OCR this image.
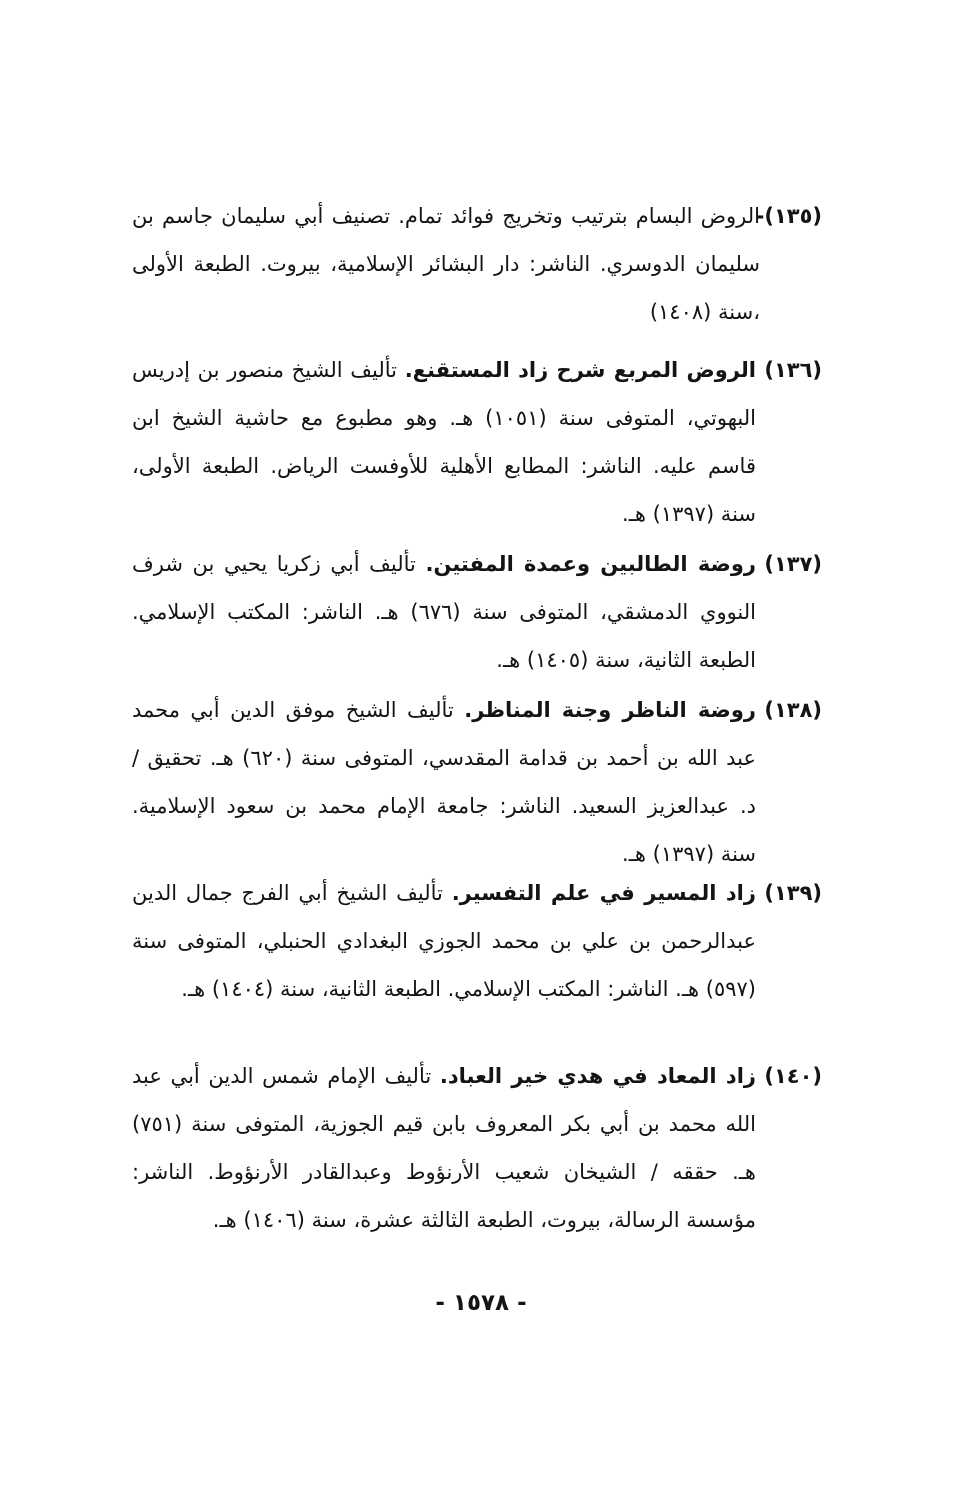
(١٣٥)-
الروض البسام بترتيب وتخريج فوائد تمام. تصنيف أبي سليمان جاسم بن سليمان الدوسري. الناشر: دار البشائر الإسلامية، بيروت. الطبعة الأولى ،سنة (١٤٠٨)
(١٣٦)
الروض المربع شرح زاد المستقنع. تأليف الشيخ منصور بن إدريس البهوتي، المتوفى سنة (١٠٥١) هـ. وهو مطبوع مع حاشية الشيخ ابن قاسم عليه. الناشر: المطابع الأهلية للأوفست الرياض. الطبعة الأولى، سنة (١٣٩٧) هـ.
(١٣٧)
روضة الطالبين وعمدة المفتين. تأليف أبي زكريا يحيي بن شرف النووي الدمشقي، المتوفى سنة (٦٧٦) هـ. الناشر: المكتب الإسلامي. الطبعة الثانية، سنة (١٤٠٥) هـ.
(١٣٨)
روضة الناظر وجنة المناظر. تأليف الشيخ موفق الدين أبي محمد عبد الله بن أحمد بن قدامة المقدسي، المتوفى سنة (٦٢٠) هـ. تحقيق / د. عبدالعزيز السعيد. الناشر: جامعة الإمام محمد بن سعود الإسلامية. سنة (١٣٩٧) هـ.
(١٣٩)
زاد المسير في علم التفسير. تأليف الشيخ أبي الفرج جمال الدين عبدالرحمن بن علي بن محمد الجوزي البغدادي الحنبلي، المتوفى سنة (٥٩٧) هـ. الناشر: المكتب الإسلامي. الطبعة الثانية، سنة (١٤٠٤) هـ.
(١٤٠)
زاد المعاد في هدي خير العباد. تأليف الإمام شمس الدين أبي عبد الله محمد بن أبي بكر المعروف بابن قيم الجوزية، المتوفى سنة (٧٥١) هـ. حققه / الشيخان شعيب الأرنؤوط وعبدالقادر الأرنؤوط. الناشر: مؤسسة الرسالة، بيروت، الطبعة الثالثة عشرة، سنة (١٤٠٦) هـ.
- ١٥٧٨ -
